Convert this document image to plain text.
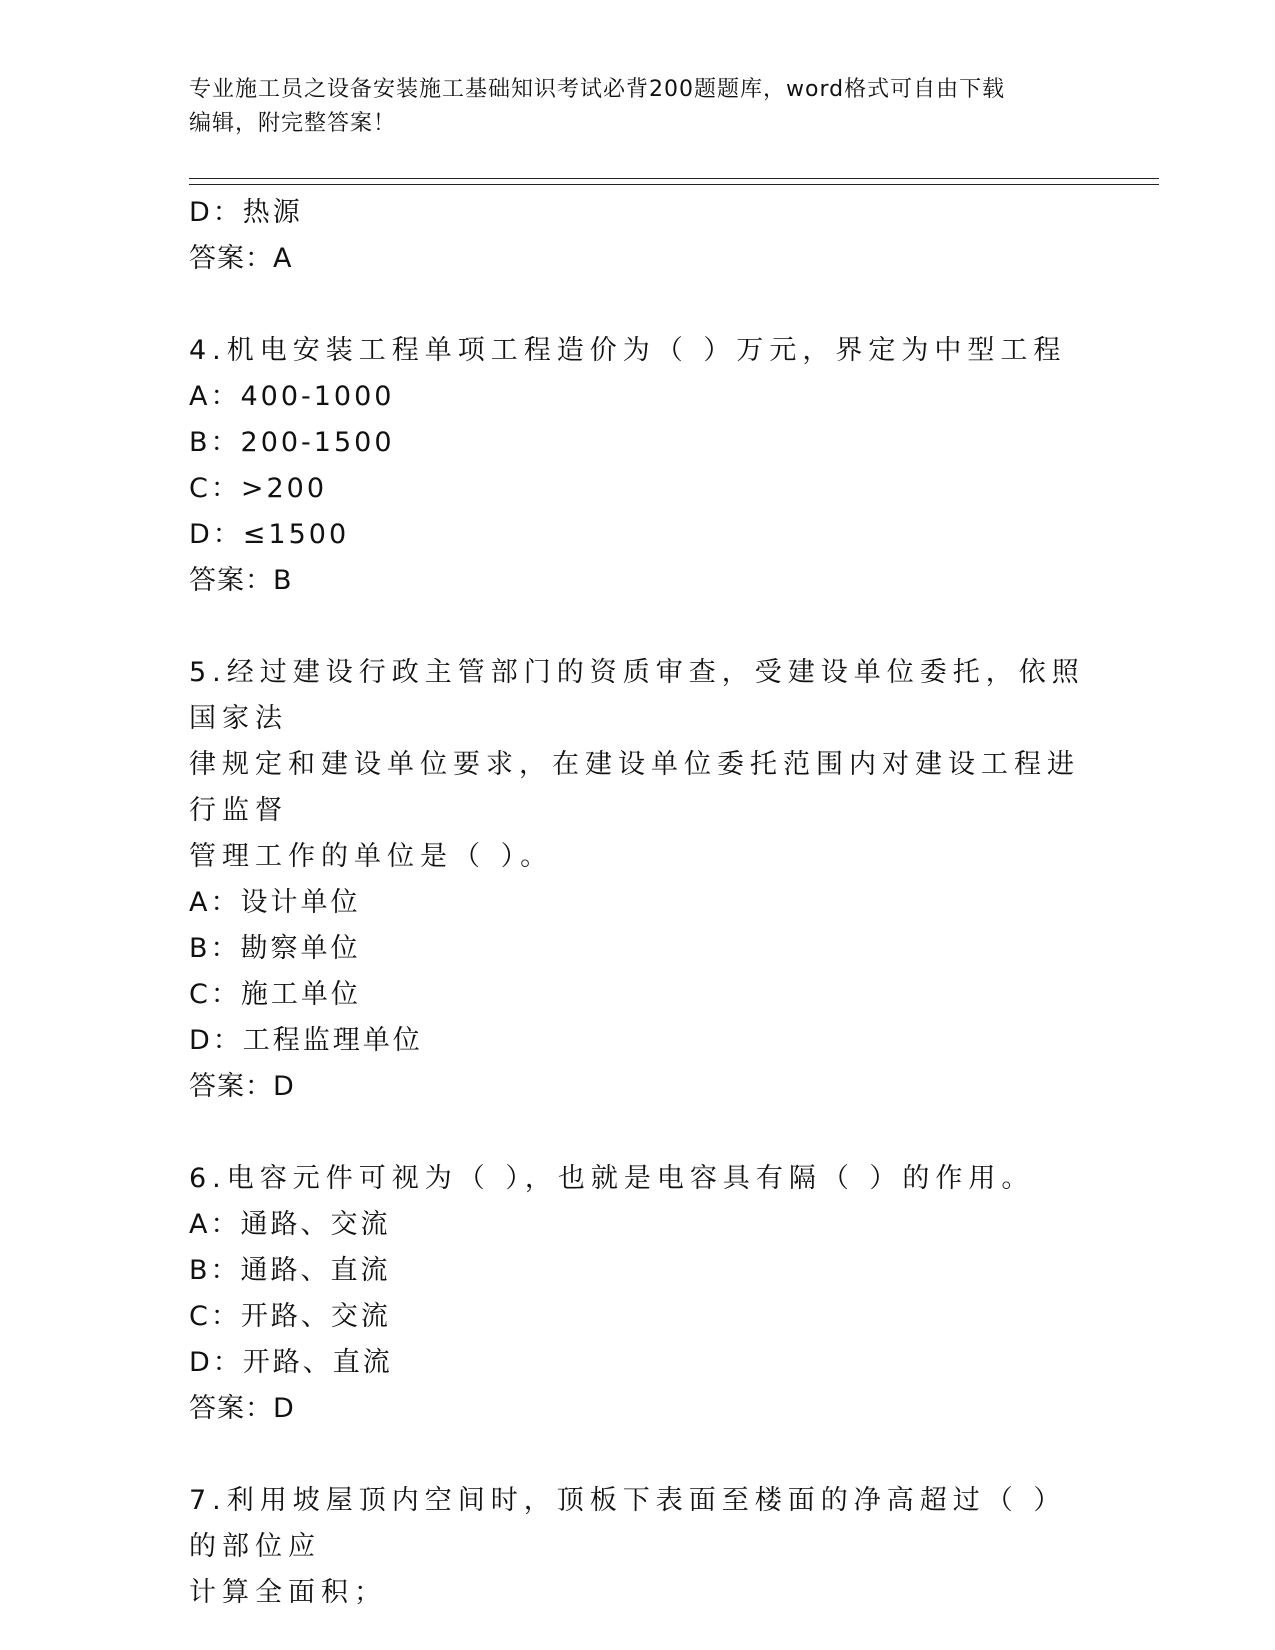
专业施工员之设备安装施工基础知识考试必背200题题库，word格式可自由下载
编辑，附完整答案！
D：热源
答案：A
4.机电安装工程单项工程造价为（ ）万元，界定为中型工程
A：400-1000
B：200-1500
C：>200
D：≤1500
答案：B
5.经过建设行政主管部门的资质审查，受建设单位委托，依照国家法
律规定和建设单位要求，在建设单位委托范围内对建设工程进行监督
管理工作的单位是（ ）。
A：设计单位
B：勘察单位
C：施工单位
D：工程监理单位
答案：D
6.电容元件可视为（ ），也就是电容具有隔（ ）的作用。
A：通路、交流
B：通路、直流
C：开路、交流
D：开路、直流
答案：D
7.利用坡屋顶内空间时，顶板下表面至楼面的净高超过（ ）的部位应
计算全面积；
